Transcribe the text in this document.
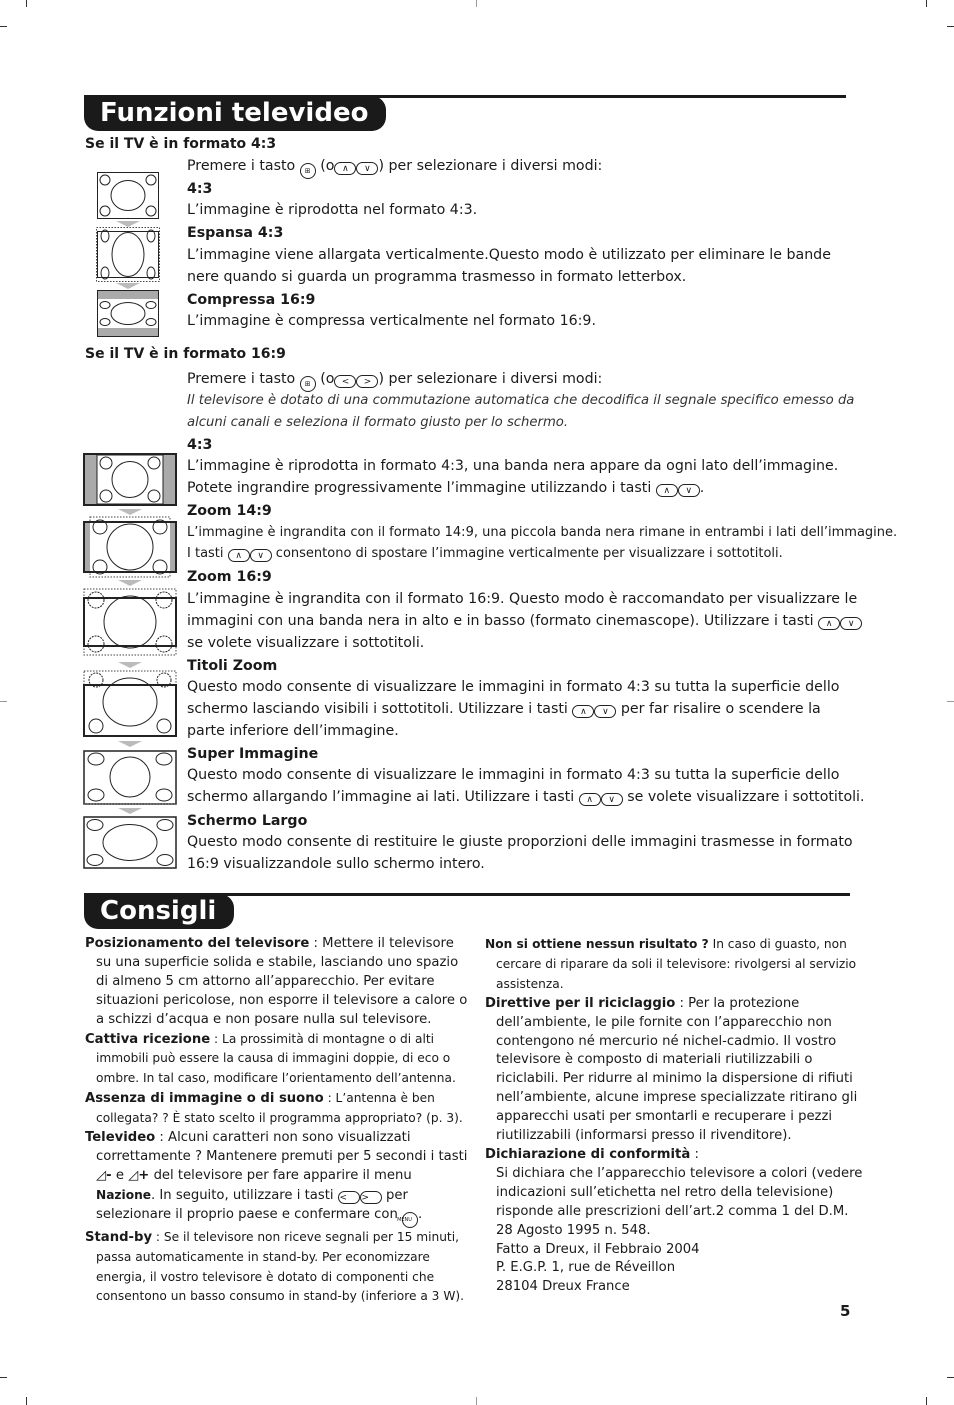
Funzioni televideo
Se il TV è in formato 4:3
Premere i tasto ⊞ (o ∧ ∨ ) per selezionare i diversi modi:
4:3
L’immagine è riprodotta nel formato 4:3.
Espansa 4:3
L’immagine viene allargata verticalmente.Questo modo è utilizzato per eliminare le bande
nere quando si guarda un programma trasmesso in formato letterbox.
Compressa 16:9
L’immagine è compressa verticalmente nel formato 16:9.
Se il TV è in formato 16:9
Premere i tasto ⊞ (o < > ) per selezionare i diversi modi:
Il televisore è dotato di una commutazione automatica che decodifica il segnale specifico emesso da
alcuni canali e seleziona il formato giusto per lo schermo.
4:3
L’immagine è riprodotta in formato 4:3, una banda nera appare da ogni lato dell’immagine.
Potete ingrandire progressivamente l’immagine utilizzando i tasti ∧ ∨ .
Zoom 14:9
L’immagine è ingrandita con il formato 14:9, una piccola banda nera rimane in entrambi i lati dell’immagine.
I tasti ∧ ∨ consentono di spostare l’immagine verticalmente per visualizzare i sottotitoli.
Zoom 16:9
L’immagine è ingrandita con il formato 16:9. Questo modo è raccomandato per visualizzare le
immagini con una banda nera in alto e in basso (formato cinemascope). Utilizzare i tasti ∧ ∨
se volete visualizzare i sottotitoli.
Titoli Zoom
Questo modo consente di visualizzare le immagini in formato 4:3 su tutta la superficie dello
schermo lasciando visibili i sottotitoli. Utilizzare i tasti ∧ ∨ per far risalire o scendere la
parte inferiore dell’immagine.
Super Immagine
Questo modo consente di visualizzare le immagini in formato 4:3 su tutta la superficie dello
schermo allargando l’immagine ai lati. Utilizzare i tasti ∧ ∨ se volete visualizzare i sottotitoli.
Schermo Largo
Questo modo consente di restituire le giuste proporzioni delle immagini trasmesse in formato
16:9 visualizzandole sullo schermo intero.
Consigli

Posizionamento del televisore : Mettere il televisore su una superficie solida e stabile, lasciando uno spazio di almeno 5 cm attorno all’apparecchio. Per evitare situazioni pericolose, non esporre il televisore a calore o a schizzi d’acqua e non posare nulla sul televisore.

Cattiva ricezione : La prossimità di montagne o di alti immobili può essere la causa di immagini doppie, di eco o ombre. In tal caso, modificare l’orientamento dell’antenna.

Assenza di immagine o di suono : L’antenna è ben collegata? ? È stato scelto il programma appropriato? (p. 3).

Televideo : Alcuni caratteri non sono visualizzati correttamente ? Mantenere premuti per 5 secondi i tasti ◿- e ◿+ del televisore per fare apparire il menu Nazione. In seguito, utilizzare i tasti < > per selezionare il proprio paese e confermare con MENU .

Stand-by : Se il televisore non riceve segnali per 15 minuti, passa automaticamente in stand-by. Per economizzare energia, il vostro televisore è dotato di componenti che consentono un basso consumo in stand-by (inferiore a 3 W).

Non si ottiene nessun risultato ? In caso di guasto, non cercare di riparare da soli il televisore: rivolgersi al servizio assistenza.

Direttive per il riciclaggio : Per la protezione dell’ambiente, le pile fornite con l’apparecchio non contengono né mercurio né nichel-cadmio. Il vostro televisore è composto di materiali riutilizzabili o riciclabili. Per ridurre al minimo la dispersione di rifiuti nell’ambiente, alcune imprese specializzate ritirano gli apparecchi usati per smontarli e recuperare i pezzi riutilizzabili (informarsi presso il rivenditore).

Dichiarazione di conformità :

Si dichiara che l’apparecchio televisore a colori (vedere
indicazioni sull’etichetta nel retro della televisione)
risponde alle prescrizioni dell’art.2 comma 1 del D.M.
28 Agosto 1995 n. 548.
Fatto a Dreux, il Febbraio 2004
P. E.G.P. 1, rue de Réveillon
28104 Dreux France
5
